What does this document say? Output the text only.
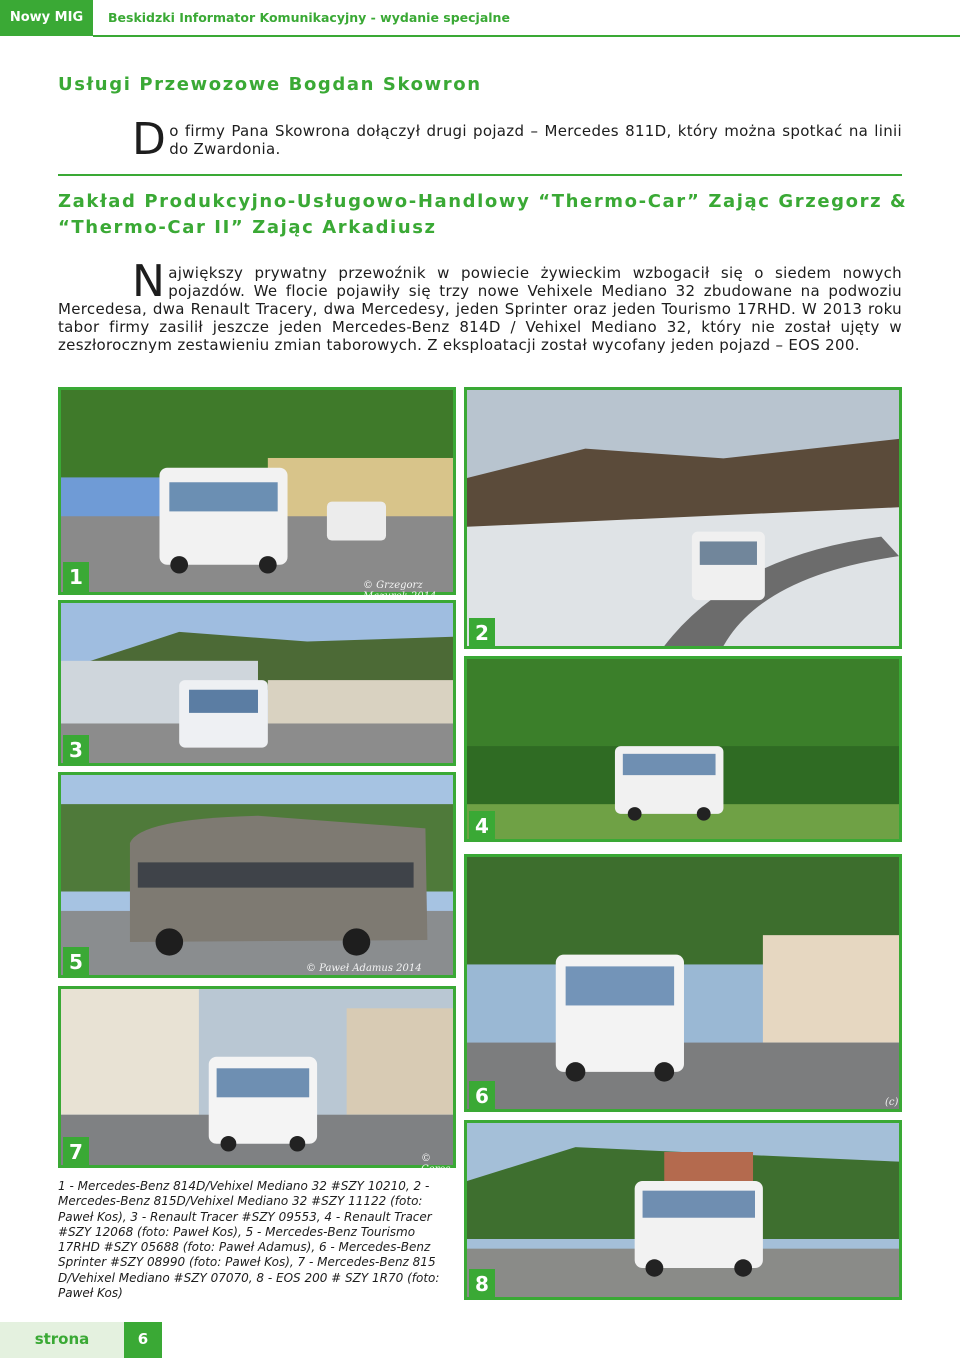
Nowy MIG	Beskidzki Informator Komunikacyjny - wydanie specjalne
Usługi Przewozowe Bogdan Skowron

Do firmy Pana Skowrona dołączył drugi pojazd – Mercedes 811D, który można spotkać na linii do Zwardonia.

Zakład Produkcyjno-Usługowo-Handlowy “Thermo-Car” Zając Grzegorz &
“Thermo-Car II” Zając Arkadiusz

Największy prywatny przewoźnik w powiecie żywieckim wzbogacił się o siedem nowych pojazdów. We flocie pojawiły się trzy nowe Vehixele Mediano 32 zbudowane na podwoziu Mercedesa, dwa Renault Tracery, dwa Mercedesy, jeden Sprinter oraz jeden Tourismo 17RHD. W 2013 roku tabor firmy zasilił jeszcze jeden Mercedes-Benz 814D / Vehixel Mediano 32, który nie został ujęty w zeszłorocznym zestawieniu zmian taborowych. Z eksploatacji został wycofany jeden pojazd – EOS 200.

1	© Grzegorz Mazurek 2014
2
3
4
5	© Paweł Adamus 2014
6	(c)
7	© Ceros
8

1 - Mercedes-Benz 814D/Vehixel Mediano 32 #SZY 10210, 2 - Mercedes-Benz 815D/Vehixel Mediano 32 #SZY 11122 (foto: Paweł Kos), 3 - Renault Tracer #SZY 09553, 4 - Renault Tracer #SZY 12068 (foto: Paweł Kos), 5 - Mercedes-Benz Tourismo 17RHD #SZY 05688 (foto: Paweł Adamus), 6 - Mercedes-Benz Sprinter #SZY 08990 (foto: Paweł Kos), 7 - Mercedes-Benz 815 D/Vehixel Mediano #SZY 07070, 8 - EOS 200 # SZY 1R70 (foto: Paweł Kos)

strona	6
